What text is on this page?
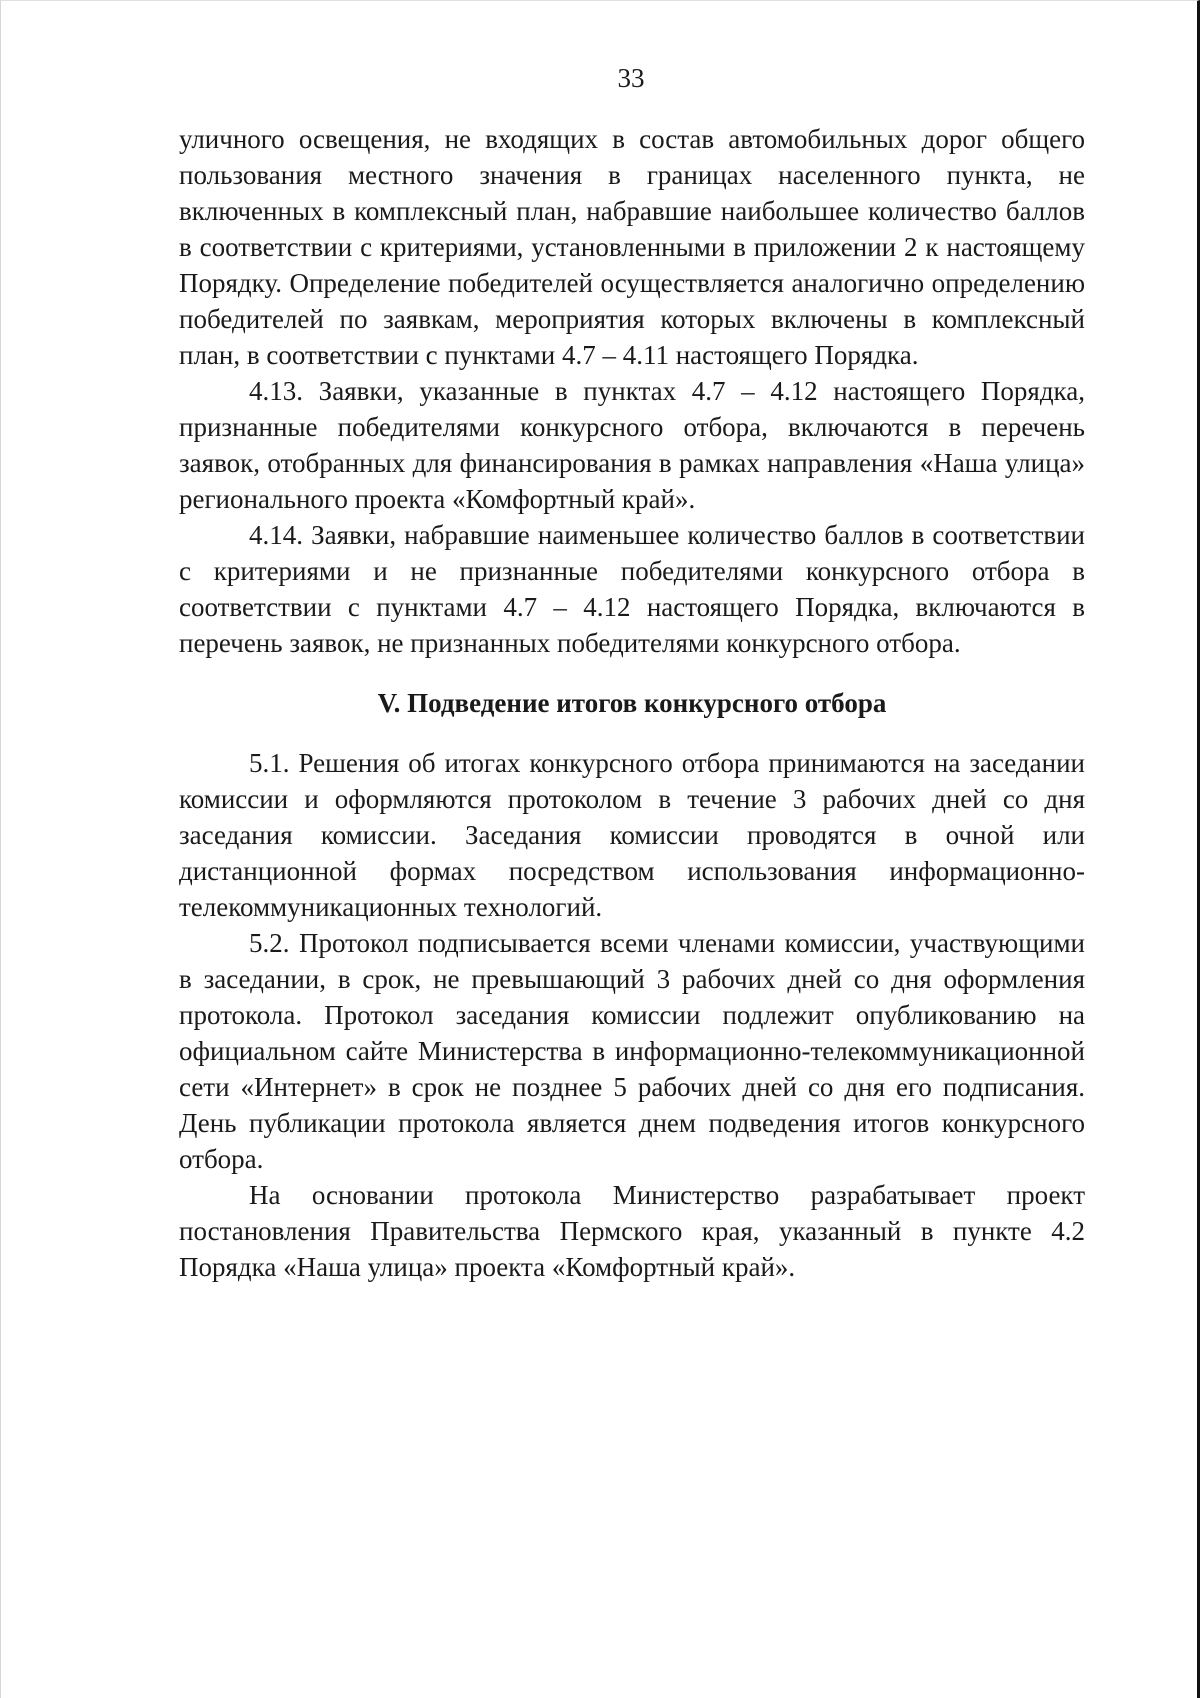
33

уличного освещения, не входящих в состав автомобильных дорог общего пользования местного значения в границах населенного пункта, не включенных в комплексный план, набравшие наибольшее количество баллов в соответствии с критериями, установленными в приложении 2 к настоящему Порядку. Определение победителей осуществляется аналогично определению победителей по заявкам, мероприятия которых включены в комплексный план, в соответствии с пунктами 4.7 – 4.11 настоящего Порядка.

4.13. Заявки, указанные в пунктах 4.7 – 4.12 настоящего Порядка, признанные победителями конкурсного отбора, включаются в перечень заявок, отобранных для финансирования в рамках направления «Наша улица» регионального проекта «Комфортный край».

4.14. Заявки, набравшие наименьшее количество баллов в соответствии с критериями и не признанные победителями конкурсного отбора в соответствии с пунктами 4.7 – 4.12 настоящего Порядка, включаются в перечень заявок, не признанных победителями конкурсного отбора.

V. Подведение итогов конкурсного отбора

5.1. Решения об итогах конкурсного отбора принимаются на заседании комиссии и оформляются протоколом в течение 3 рабочих дней со дня заседания комиссии. Заседания комиссии проводятся в очной или дистанционной формах посредством использования информационно-телекоммуникационных технологий.

5.2. Протокол подписывается всеми членами комиссии, участвующими в заседании, в срок, не превышающий 3 рабочих дней со дня оформления протокола. Протокол заседания комиссии подлежит опубликованию на официальном сайте Министерства в информационно-телекоммуникационной сети «Интернет» в срок не позднее 5 рабочих дней со дня его подписания. День публикации протокола является днем подведения итогов конкурсного отбора.

На основании протокола Министерство разрабатывает проект постановления Правительства Пермского края, указанный в пункте 4.2 Порядка «Наша улица» проекта «Комфортный край».
